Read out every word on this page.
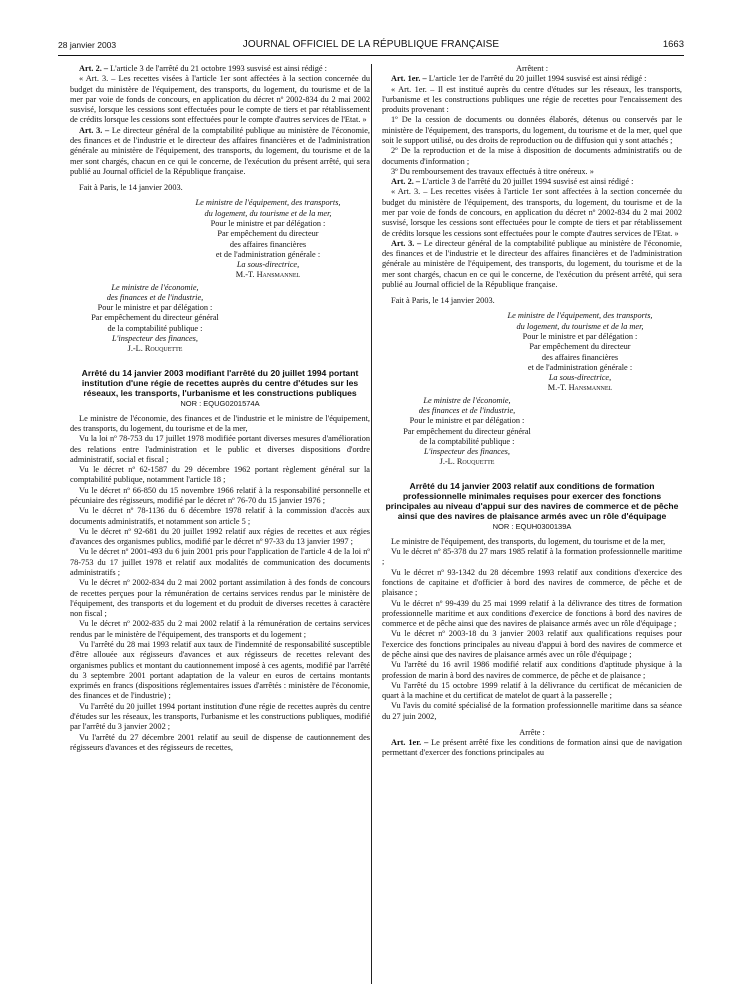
28 janvier 2003	JOURNAL OFFICIEL DE LA RÉPUBLIQUE FRANÇAISE	1663

Art. 2. – L'article 3 de l'arrêté du 21 octobre 1993 susvisé est ainsi rédigé :

« Art. 3. – Les recettes visées à l'article 1er sont affectées à la section concernée du budget du ministère de l'équipement, des transports, du logement, du tourisme et de la mer par voie de fonds de concours, en application du décret nº 2002-834 du 2 mai 2002 susvisé, lorsque les cessions sont effectuées pour le compte de tiers et par rétablissement de crédits lorsque les cessions sont effectuées pour le compte d'autres services de l'Etat. »

Art. 3. – Le directeur général de la comptabilité publique au ministère de l'économie, des finances et de l'industrie et le directeur des affaires financières et de l'administration générale au ministère de l'équipement, des transports, du logement, du tourisme et de la mer sont chargés, chacun en ce qui le concerne, de l'exécution du présent arrêté, qui sera publié au Journal officiel de la République française.

Fait à Paris, le 14 janvier 2003.

Le ministre de l'équipement, des transports,

du logement, du tourisme et de la mer,

Pour le ministre et par délégation :

Par empêchement du directeur

des affaires financières

et de l'administration générale :

La sous-directrice,

M.-T. Hansmannel

Le ministre de l'économie,

des finances et de l'industrie,

Pour le ministre et par délégation :

Par empêchement du directeur général

de la comptabilité publique :

L'inspecteur des finances,

J.-L. Rouquette

Arrêté du 14 janvier 2003 modifiant l'arrêté du 20 juillet 1994 portant institution d'une régie de recettes auprès du centre d'études sur les réseaux, les transports, l'urbanisme et les constructions publiques

NOR : EQUG0201574A

Le ministre de l'économie, des finances et de l'industrie et le ministre de l'équipement, des transports, du logement, du tourisme et de la mer,

Vu la loi nº 78-753 du 17 juillet 1978 modifiée portant diverses mesures d'amélioration des relations entre l'administration et le public et diverses dispositions d'ordre administratif, social et fiscal ;

Vu le décret nº 62-1587 du 29 décembre 1962 portant règlement général sur la comptabilité publique, notamment l'article 18 ;

Vu le décret nº 66-850 du 15 novembre 1966 relatif à la responsabilité personnelle et pécuniaire des régisseurs, modifié par le décret nº 76-70 du 15 janvier 1976 ;

Vu le décret nº 78-1136 du 6 décembre 1978 relatif à la commission d'accès aux documents administratifs, et notamment son article 5 ;

Vu le décret nº 92-681 du 20 juillet 1992 relatif aux régies de recettes et aux régies d'avances des organismes publics, modifié par le décret nº 97-33 du 13 janvier 1997 ;

Vu le décret nº 2001-493 du 6 juin 2001 pris pour l'application de l'article 4 de la loi nº 78-753 du 17 juillet 1978 et relatif aux modalités de communication des documents administratifs ;

Vu le décret nº 2002-834 du 2 mai 2002 portant assimilation à des fonds de concours de recettes perçues pour la rémunération de certains services rendus par le ministère de l'équipement, des transports et du logement et du produit de diverses recettes à caractère non fiscal ;

Vu le décret nº 2002-835 du 2 mai 2002 relatif à la rémunération de certains services rendus par le ministère de l'équipement, des transports et du logement ;

Vu l'arrêté du 28 mai 1993 relatif aux taux de l'indemnité de responsabilité susceptible d'être allouée aux régisseurs d'avances et aux régisseurs de recettes relevant des organismes publics et montant du cautionnement imposé à ces agents, modifié par l'arrêté du 3 septembre 2001 portant adaptation de la valeur en euros de certains montants exprimés en francs (dispositions réglementaires issues d'arrêtés : ministère de l'économie, des finances et de l'industrie) ;

Vu l'arrêté du 20 juillet 1994 portant institution d'une régie de recettes auprès du centre d'études sur les réseaux, les transports, l'urbanisme et les constructions publiques, modifié par l'arrêté du 3 janvier 2002 ;

Vu l'arrêté du 27 décembre 2001 relatif au seuil de dispense de cautionnement des régisseurs d'avances et des régisseurs de recettes,

Arrêtent :

Art. 1er. – L'article 1er de l'arrêté du 20 juillet 1994 susvisé est ainsi rédigé :

« Art. 1er. – Il est institué auprès du centre d'études sur les réseaux, les transports, l'urbanisme et les constructions publiques une régie de recettes pour l'encaissement des produits provenant :

1º De la cession de documents ou données élaborés, détenus ou conservés par le ministère de l'équipement, des transports, du logement, du tourisme et de la mer, quel que soit le support utilisé, ou des droits de reproduction ou de diffusion qui y sont attachés ;

2º De la reproduction et de la mise à disposition de documents administratifs ou de documents d'information ;

3º Du remboursement des travaux effectués à titre onéreux. »

Art. 2. – L'article 3 de l'arrêté du 20 juillet 1994 susvisé est ainsi rédigé :

« Art. 3. – Les recettes visées à l'article 1er sont affectées à la section concernée du budget du ministère de l'équipement, des transports, du logement, du tourisme et de la mer par voie de fonds de concours, en application du décret nº 2002-834 du 2 mai 2002 susvisé, lorsque les cessions sont effectuées pour le compte de tiers et par rétablissement de crédits lorsque les cessions sont effectuées pour le compte d'autres services de l'Etat. »

Art. 3. – Le directeur général de la comptabilité publique au ministère de l'économie, des finances et de l'industrie et le directeur des affaires financières et de l'administration générale au ministère de l'équipement, des transports, du logement, du tourisme et de la mer sont chargés, chacun en ce qui le concerne, de l'exécution du présent arrêté, qui sera publié au Journal officiel de la République française.

Fait à Paris, le 14 janvier 2003.

Le ministre de l'équipement, des transports,

du logement, du tourisme et de la mer,

Pour le ministre et par délégation :

Par empêchement du directeur

des affaires financières

et de l'administration générale :

La sous-directrice,

M.-T. Hansmannel

Le ministre de l'économie,

des finances et de l'industrie,

Pour le ministre et par délégation :

Par empêchement du directeur général

de la comptabilité publique :

L'inspecteur des finances,

J.-L. Rouquette

Arrêté du 14 janvier 2003 relatif aux conditions de formation professionnelle minimales requises pour exercer des fonctions principales au niveau d'appui sur des navires de commerce et de pêche ainsi que des navires de plaisance armés avec un rôle d'équipage

NOR : EQUH0300139A

Le ministre de l'équipement, des transports, du logement, du tourisme et de la mer,

Vu le décret nº 85-378 du 27 mars 1985 relatif à la formation professionnelle maritime ;

Vu le décret nº 93-1342 du 28 décembre 1993 relatif aux conditions d'exercice des fonctions de capitaine et d'officier à bord des navires de commerce, de pêche et de plaisance ;

Vu le décret nº 99-439 du 25 mai 1999 relatif à la délivrance des titres de formation professionnelle maritime et aux conditions d'exercice de fonctions à bord des navires de commerce et de pêche ainsi que des navires de plaisance armés avec un rôle d'équipage ;

Vu le décret nº 2003-18 du 3 janvier 2003 relatif aux qualifications requises pour l'exercice des fonctions principales au niveau d'appui à bord des navires de commerce et de pêche ainsi que des navires de plaisance armés avec un rôle d'équipage ;

Vu l'arrêté du 16 avril 1986 modifié relatif aux conditions d'aptitude physique à la profession de marin à bord des navires de commerce, de pêche et de plaisance ;

Vu l'arrêté du 15 octobre 1999 relatif à la délivrance du certificat de mécanicien de quart à la machine et du certificat de matelot de quart à la passerelle ;

Vu l'avis du comité spécialisé de la formation professionnelle maritime dans sa séance du 27 juin 2002,

Arrête :

Art. 1er. – Le présent arrêté fixe les conditions de formation ainsi que de navigation permettant d'exercer des fonctions principales au
